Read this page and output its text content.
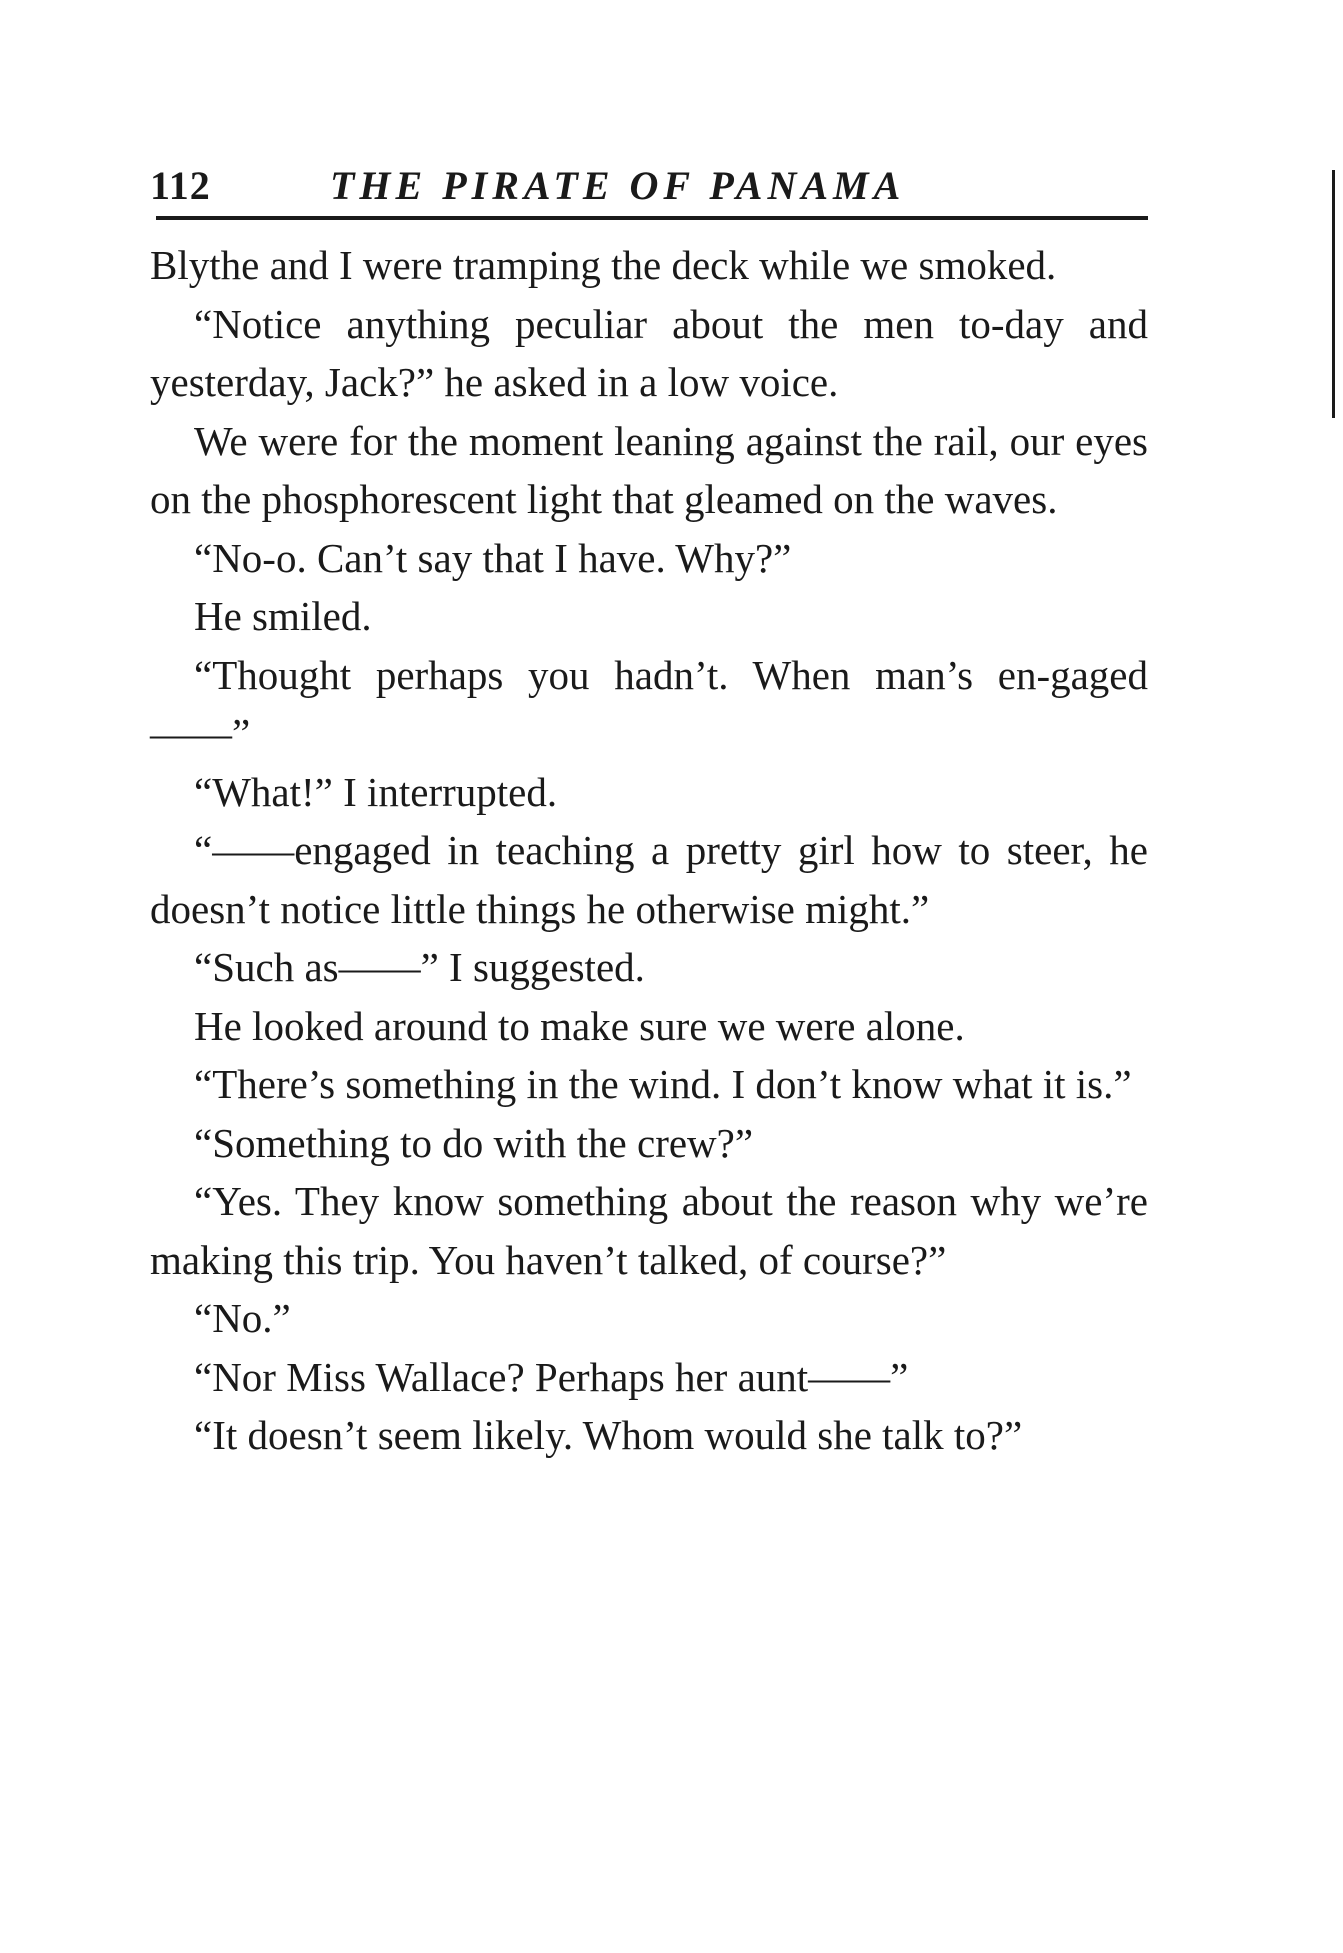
112	THE PIRATE OF PANAMA

Blythe and I were tramping the deck while we smoked.

“Notice anything peculiar about the men to-day and yesterday, Jack?” he asked in a low voice.

We were for the moment leaning against the rail, our eyes on the phosphorescent light that gleamed on the waves.

“No-o. Can’t say that I have. Why?”

He smiled.

“Thought perhaps you hadn’t. When man’s en-gaged——”

“What!” I interrupted.

“——engaged in teaching a pretty girl how to steer, he doesn’t notice little things he otherwise might.”

“Such as——” I suggested.

He looked around to make sure we were alone.

“There’s something in the wind. I don’t know what it is.”

“Something to do with the crew?”

“Yes. They know something about the reason why we’re making this trip. You haven’t talked, of course?”

“No.”

“Nor Miss Wallace? Perhaps her aunt——”

“It doesn’t seem likely. Whom would she talk to?”
